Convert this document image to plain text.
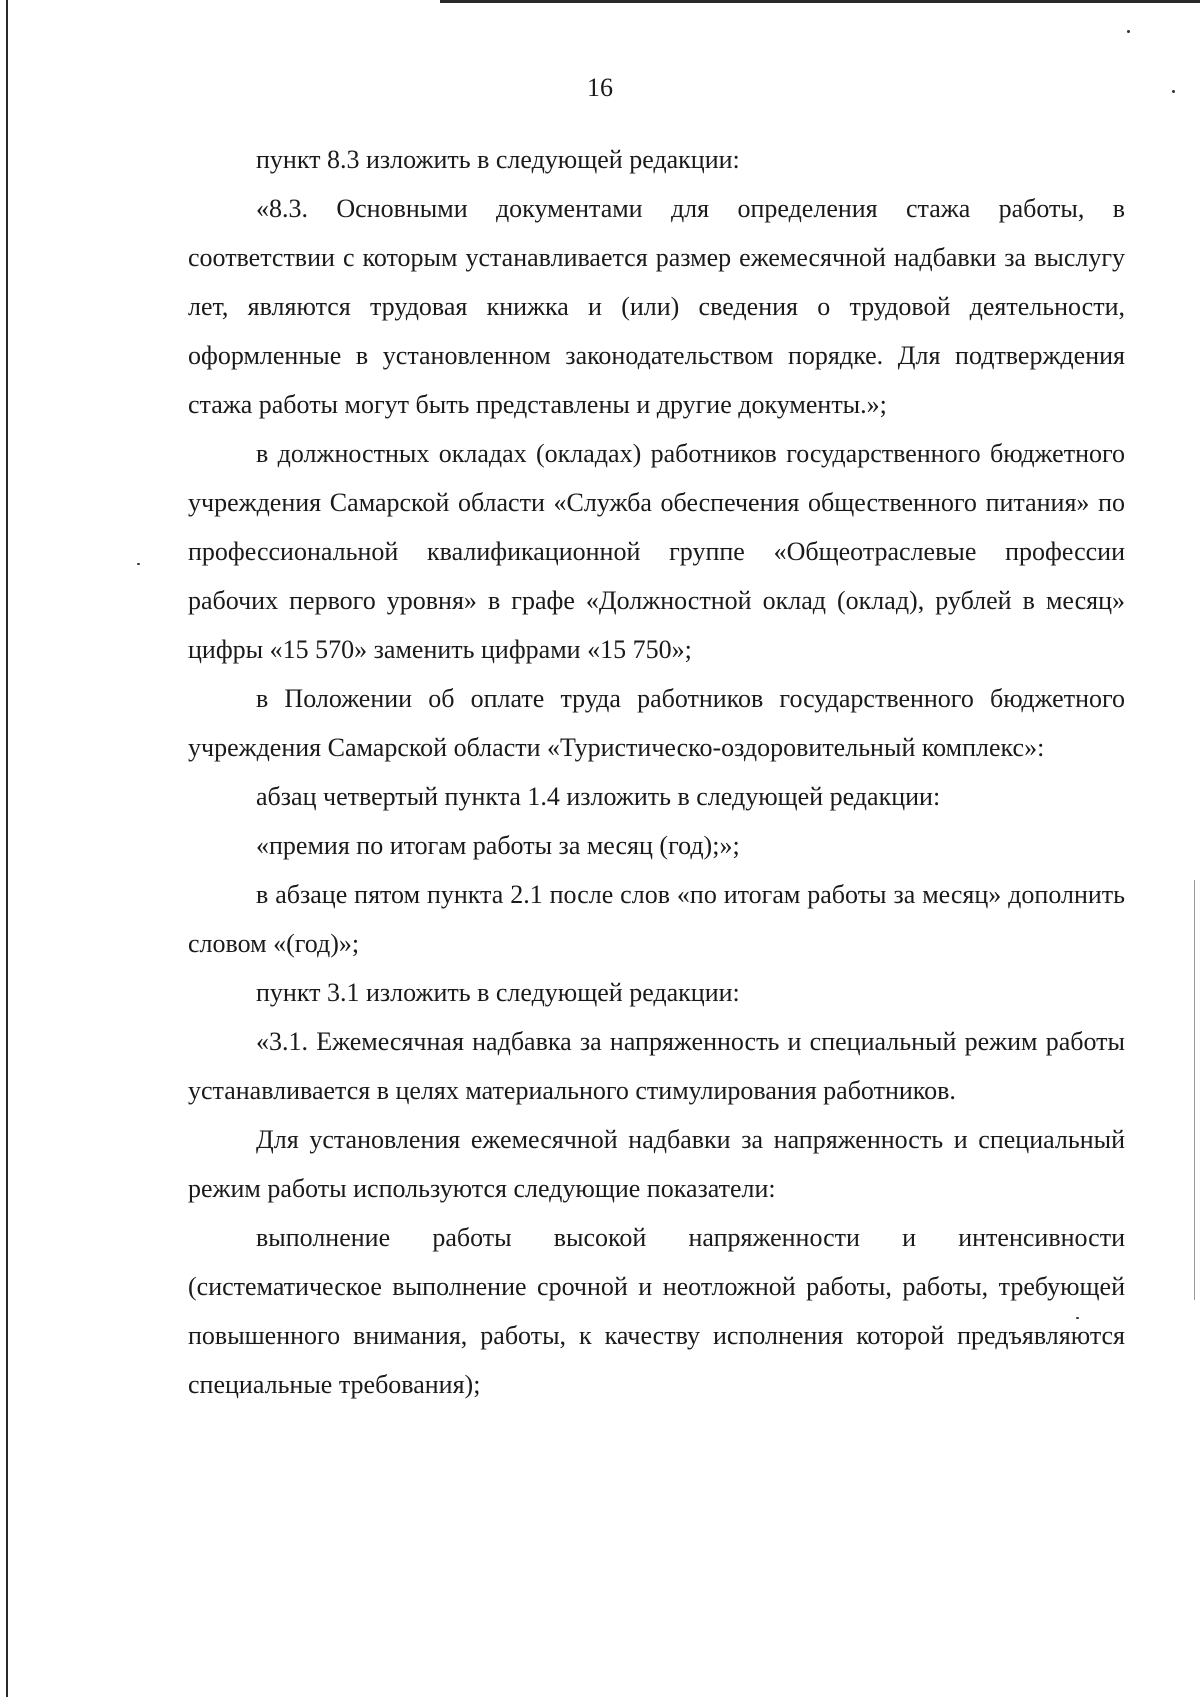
16

пункт 8.3 изложить в следующей редакции:

«8.3. Основными документами для определения стажа работы, в соответствии с которым устанавливается размер ежемесячной надбавки за выслугу лет, являются трудовая книжка и (или) сведения о трудовой деятельности, оформленные в установленном законодательством порядке. Для подтверждения стажа работы могут быть представлены и другие документы.»;

в должностных окладах (окладах) работников государственного бюджетного учреждения Самарской области «Служба обеспечения общественного питания» по профессиональной квалификационной группе «Общеотраслевые профессии рабочих первого уровня» в графе «Должностной оклад (оклад), рублей в месяц» цифры «15 570» заменить цифрами «15 750»;

в Положении об оплате труда работников государственного бюджетного учреждения Самарской области «Туристическо-оздоровительный комплекс»:

абзац четвертый пункта 1.4 изложить в следующей редакции:

«премия по итогам работы за месяц (год);»;

в абзаце пятом пункта 2.1 после слов «по итогам работы за месяц» дополнить словом «(год)»;

пункт 3.1 изложить в следующей редакции:

«3.1. Ежемесячная надбавка за напряженность и специальный режим работы устанавливается в целях материального стимулирования работников.

Для установления ежемесячной надбавки за напряженность и специальный режим работы используются следующие показатели:

выполнение работы высокой напряженности и интенсивности (систематическое выполнение срочной и неотложной работы, работы, требующей повышенного внимания, работы, к качеству исполнения которой предъявляются специальные требования);
